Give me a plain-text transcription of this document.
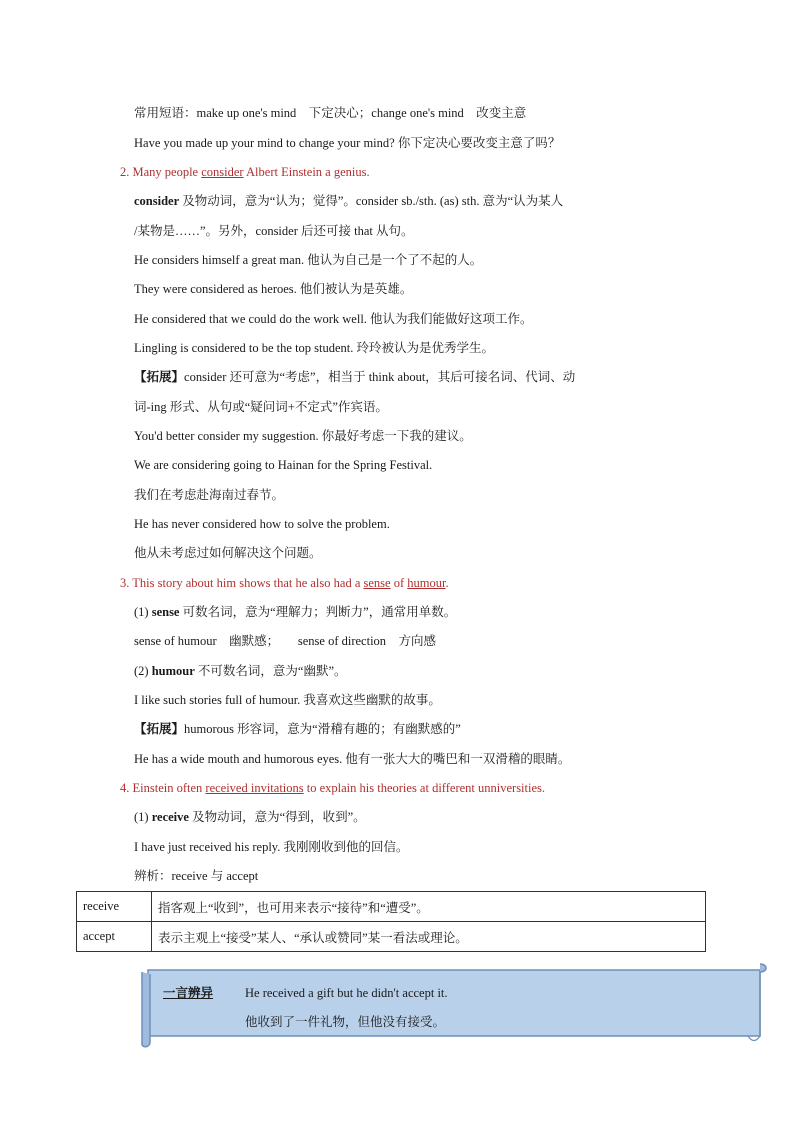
常用短语：make up one's mind　下定决心；change one's mind　改变主意
Have you made up your mind to change your mind? 你下定决心要改变主意了吗？
2. Many people consider Albert Einstein a genius.
consider 及物动词，意为“认为；觉得”。consider sb./sth. (as) sth. 意为“认为某人
/某物是……”。另外，consider 后还可接 that 从句。
He considers himself a great man. 他认为自己是一个了不起的人。
They were considered as heroes. 他们被认为是英雄。
He considered that we could do the work well. 他认为我们能做好这项工作。
Lingling is considered to be the top student. 玲玲被认为是优秀学生。
【拓展】consider 还可意为“考虑”，相当于 think about，其后可接名词、代词、动
词-ing 形式、从句或“疑问词+不定式”作宾语。
You'd better consider my suggestion. 你最好考虑一下我的建议。
We are considering going to Hainan for the Spring Festival.
我们在考虑赴海南过春节。
He has never considered how to solve the problem.
他从未考虑过如何解决这个问题。
3. This story about him shows that he also had a sense of humour.
(1) sense 可数名词，意为“理解力；判断力”，通常用单数。
sense of humour　幽默感；　　sense of direction　方向感
(2) humour 不可数名词，意为“幽默”。
I like such stories full of humour. 我喜欢这些幽默的故事。
【拓展】humorous 形容词，意为“滑稽有趣的；有幽默感的”
He has a wide mouth and humorous eyes. 他有一张大大的嘴巴和一双滑稽的眼睛。
4. Einstein often received invitations to explain his theories at different unniversities.
(1) receive 及物动词，意为“得到，收到”。
I have just received his reply. 我刚刚收到他的回信。
辨析：receive 与 accept
receive	指客观上“收到”，也可用来表示“接待”和“遭受”。
accept	表示主观上“接受”某人、“承认或赞同”某一看法或理论。
一言辨异	He received a gift but he didn't accept it.
他收到了一件礼物，但他没有接受。
